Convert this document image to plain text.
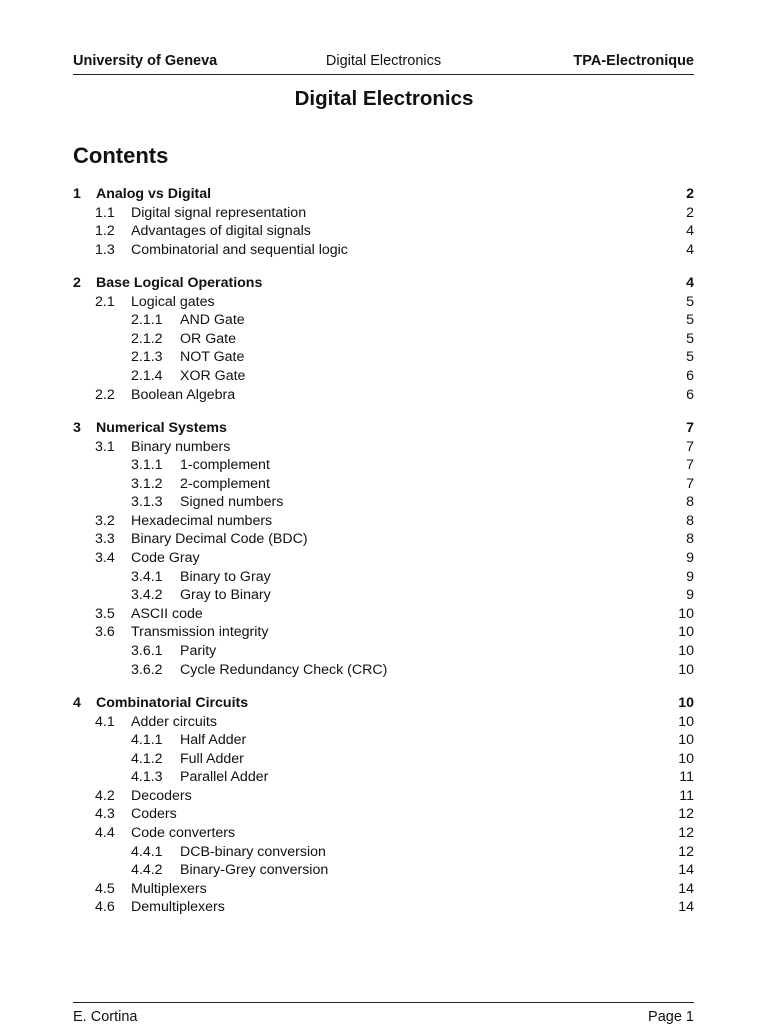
University of Geneva	Digital Electronics	TPA-Electronique
Digital Electronics
Contents
1 Analog vs Digital	2
1.1 Digital signal representation	2
1.2 Advantages of digital signals	4
1.3 Combinatorial and sequential logic	4
2 Base Logical Operations	4
2.1 Logical gates	5
2.1.1 AND Gate	5
2.1.2 OR Gate	5
2.1.3 NOT Gate	5
2.1.4 XOR Gate	6
2.2 Boolean Algebra	6
3 Numerical Systems	7
3.1 Binary numbers	7
3.1.1 1-complement	7
3.1.2 2-complement	7
3.1.3 Signed numbers	8
3.2 Hexadecimal numbers	8
3.3 Binary Decimal Code (BDC)	8
3.4 Code Gray	9
3.4.1 Binary to Gray	9
3.4.2 Gray to Binary	9
3.5 ASCII code	10
3.6 Transmission integrity	10
3.6.1 Parity	10
3.6.2 Cycle Redundancy Check (CRC)	10
4 Combinatorial Circuits	10
4.1 Adder circuits	10
4.1.1 Half Adder	10
4.1.2 Full Adder	10
4.1.3 Parallel Adder	11
4.2 Decoders	11
4.3 Coders	12
4.4 Code converters	12
4.4.1 DCB-binary conversion	12
4.4.2 Binary-Grey conversion	14
4.5 Multiplexers	14
4.6 Demultiplexers	14
E. Cortina	Page 1
